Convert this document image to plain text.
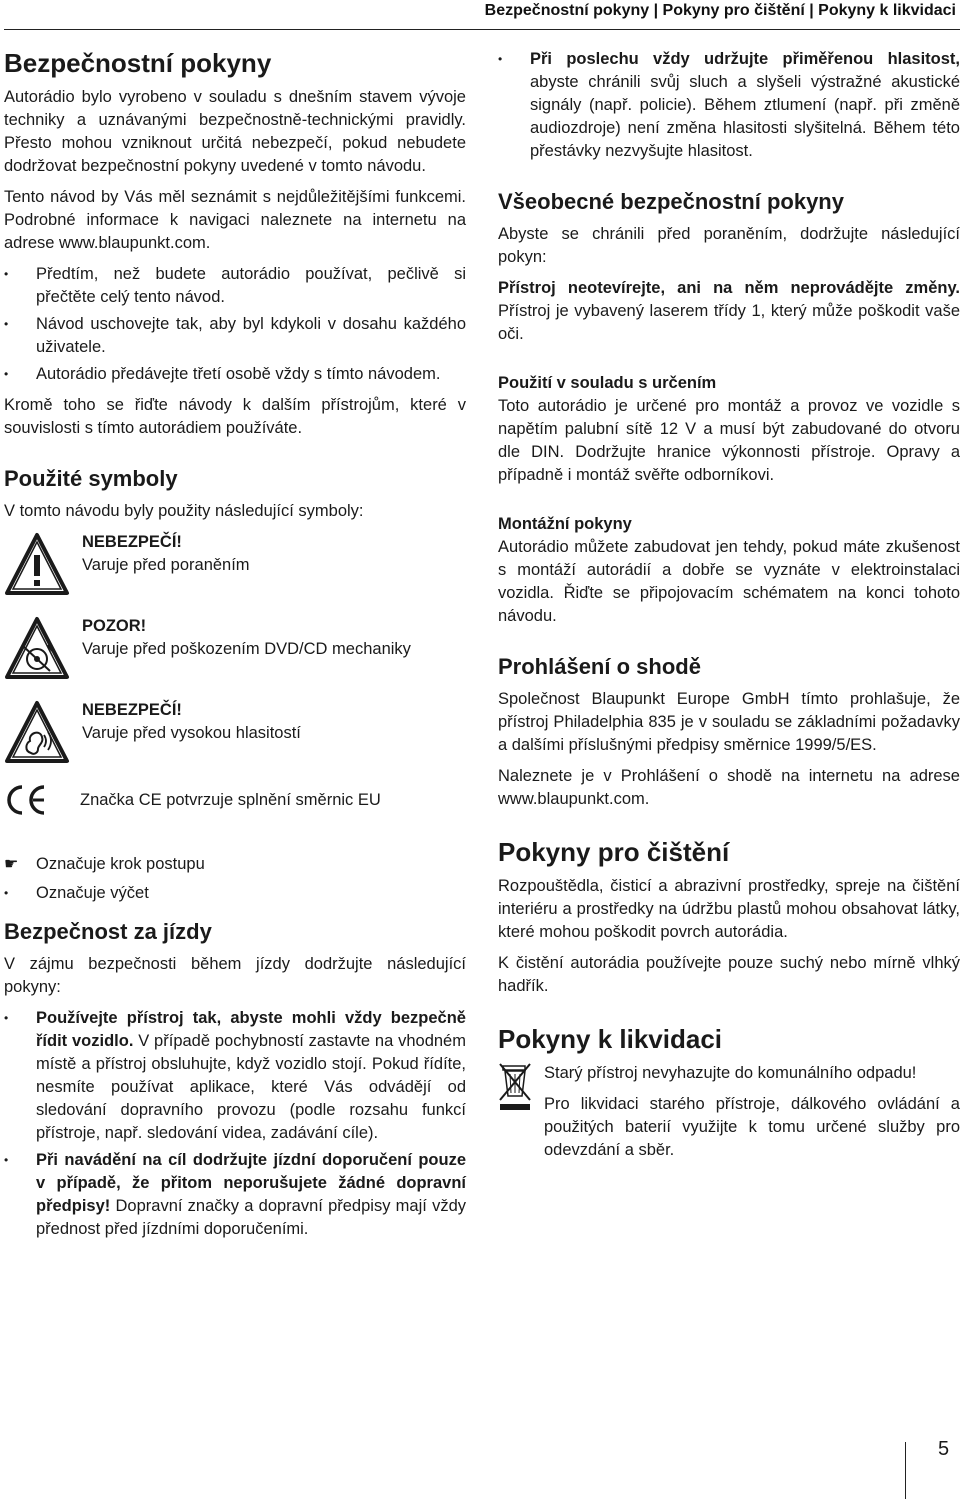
Bezpečnostní pokyny | Pokyny pro čištění | Pokyny k likvidaci
Bezpečnostní pokyny

Autorádio bylo vyrobeno v souladu s dnešním stavem vývoje techniky a uznávanými bezpečnostně-technickými pravidly. Přesto mohou vzniknout určitá nebezpečí, pokud nebudete dodržovat bezpečnostní pokyny uvedené v tomto návodu.

Tento návod by Vás měl seznámit s nejdůležitějšími funkcemi. Podrobné informace k navigaci naleznete na internetu na adrese www.blaupunkt.com.

• Předtím, než budete autorádio používat, pečlivě si přečtěte celý tento návod.
• Návod uschovejte tak, aby byl kdykoli v dosahu každého uživatele.
• Autorádio předávejte třetí osobě vždy s tímto návodem.

Kromě toho se řiďte návody k dalším přístrojům, které v souvislosti s tímto autorádiem používáte.

Použité symboly

V tomto návodu byly použity následující symboly:

NEBEZPEČÍ!
Varuje před poraněním
POZOR!
Varuje před poškozením DVD/CD mechaniky
NEBEZPEČÍ!
Varuje před vysokou hlasitostí
Značka CE potvrzuje splnění směrnic EU
☛	Označuje krok postupu
•	Označuje výčet
Bezpečnost za jízdy

V zájmu bezpečnosti během jízdy dodržujte následující pokyny:

• Používejte přístroj tak, abyste mohli vždy bezpečně řídit vozidlo. V případě pochybností zastavte na vhodném místě a přístroj obsluhujte, když vozidlo stojí. Pokud řídíte, nesmíte používat aplikace, které Vás odvádějí od sledování dopravního provozu (podle rozsahu funkcí přístroje, např. sledování videa, zadávání cíle).
• Při navádění na cíl dodržujte jízdní doporučení pouze v případě, že přitom neporušujete žádné dopravní předpisy! Dopravní značky a dopravní předpisy mají vždy přednost před jízdními doporučeními.
• Při poslechu vždy udržujte přiměřenou hlasitost, abyste chránili svůj sluch a slyšeli výstražné akustické signály (např. policie). Během ztlumení (např. při změně audiozdroje) není změna hlasitosti slyšitelná. Během této přestávky nezvyšujte hlasitost.
Všeobecné bezpečnostní pokyny

Abyste se chránili před poraněním, dodržujte následující pokyn:

Přístroj neotevírejte, ani na něm neprovádějte změny. Přístroj je vybavený laserem třídy 1, který může poškodit vaše oči.

Použití v souladu s určením

Toto autorádio je určené pro montáž a provoz ve vozidle s napětím palubní sítě 12 V a musí být zabudované do otvoru dle DIN. Dodržujte hranice výkonnosti přístroje. Opravy a případně i montáž svěřte odborníkovi.

Montážní pokyny

Autorádio můžete zabudovat jen tehdy, pokud máte zkušenost s montáží autorádií a dobře se vyznáte v elektroinstalaci vozidla. Řiďte se připojovacím schématem na konci tohoto návodu.

Prohlášení o shodě

Společnost Blaupunkt Europe GmbH tímto prohlašuje, že přístroj Philadelphia 835 je v souladu se základními požadavky a dalšími příslušnými předpisy směrnice 1999/5/ES.

Naleznete je v Prohlášení o shodě na internetu na adrese www.blaupunkt.com.

Pokyny pro čištění

Rozpouštědla, čisticí a abrazivní prostředky, spreje na čištění interiéru a prostředky na údržbu plastů mohou obsahovat látky, které mohou poškodit povrch autorádia.

K čistění autorádia používejte pouze suchý nebo mírně vlhký hadřík.

Pokyny k likvidaci

Starý přístroj nevyhazujte do komunálního odpadu!

Pro likvidaci starého přístroje, dálkového ovládání a použitých baterií využijte k tomu určené služby pro odevzdání a sběr.

5
